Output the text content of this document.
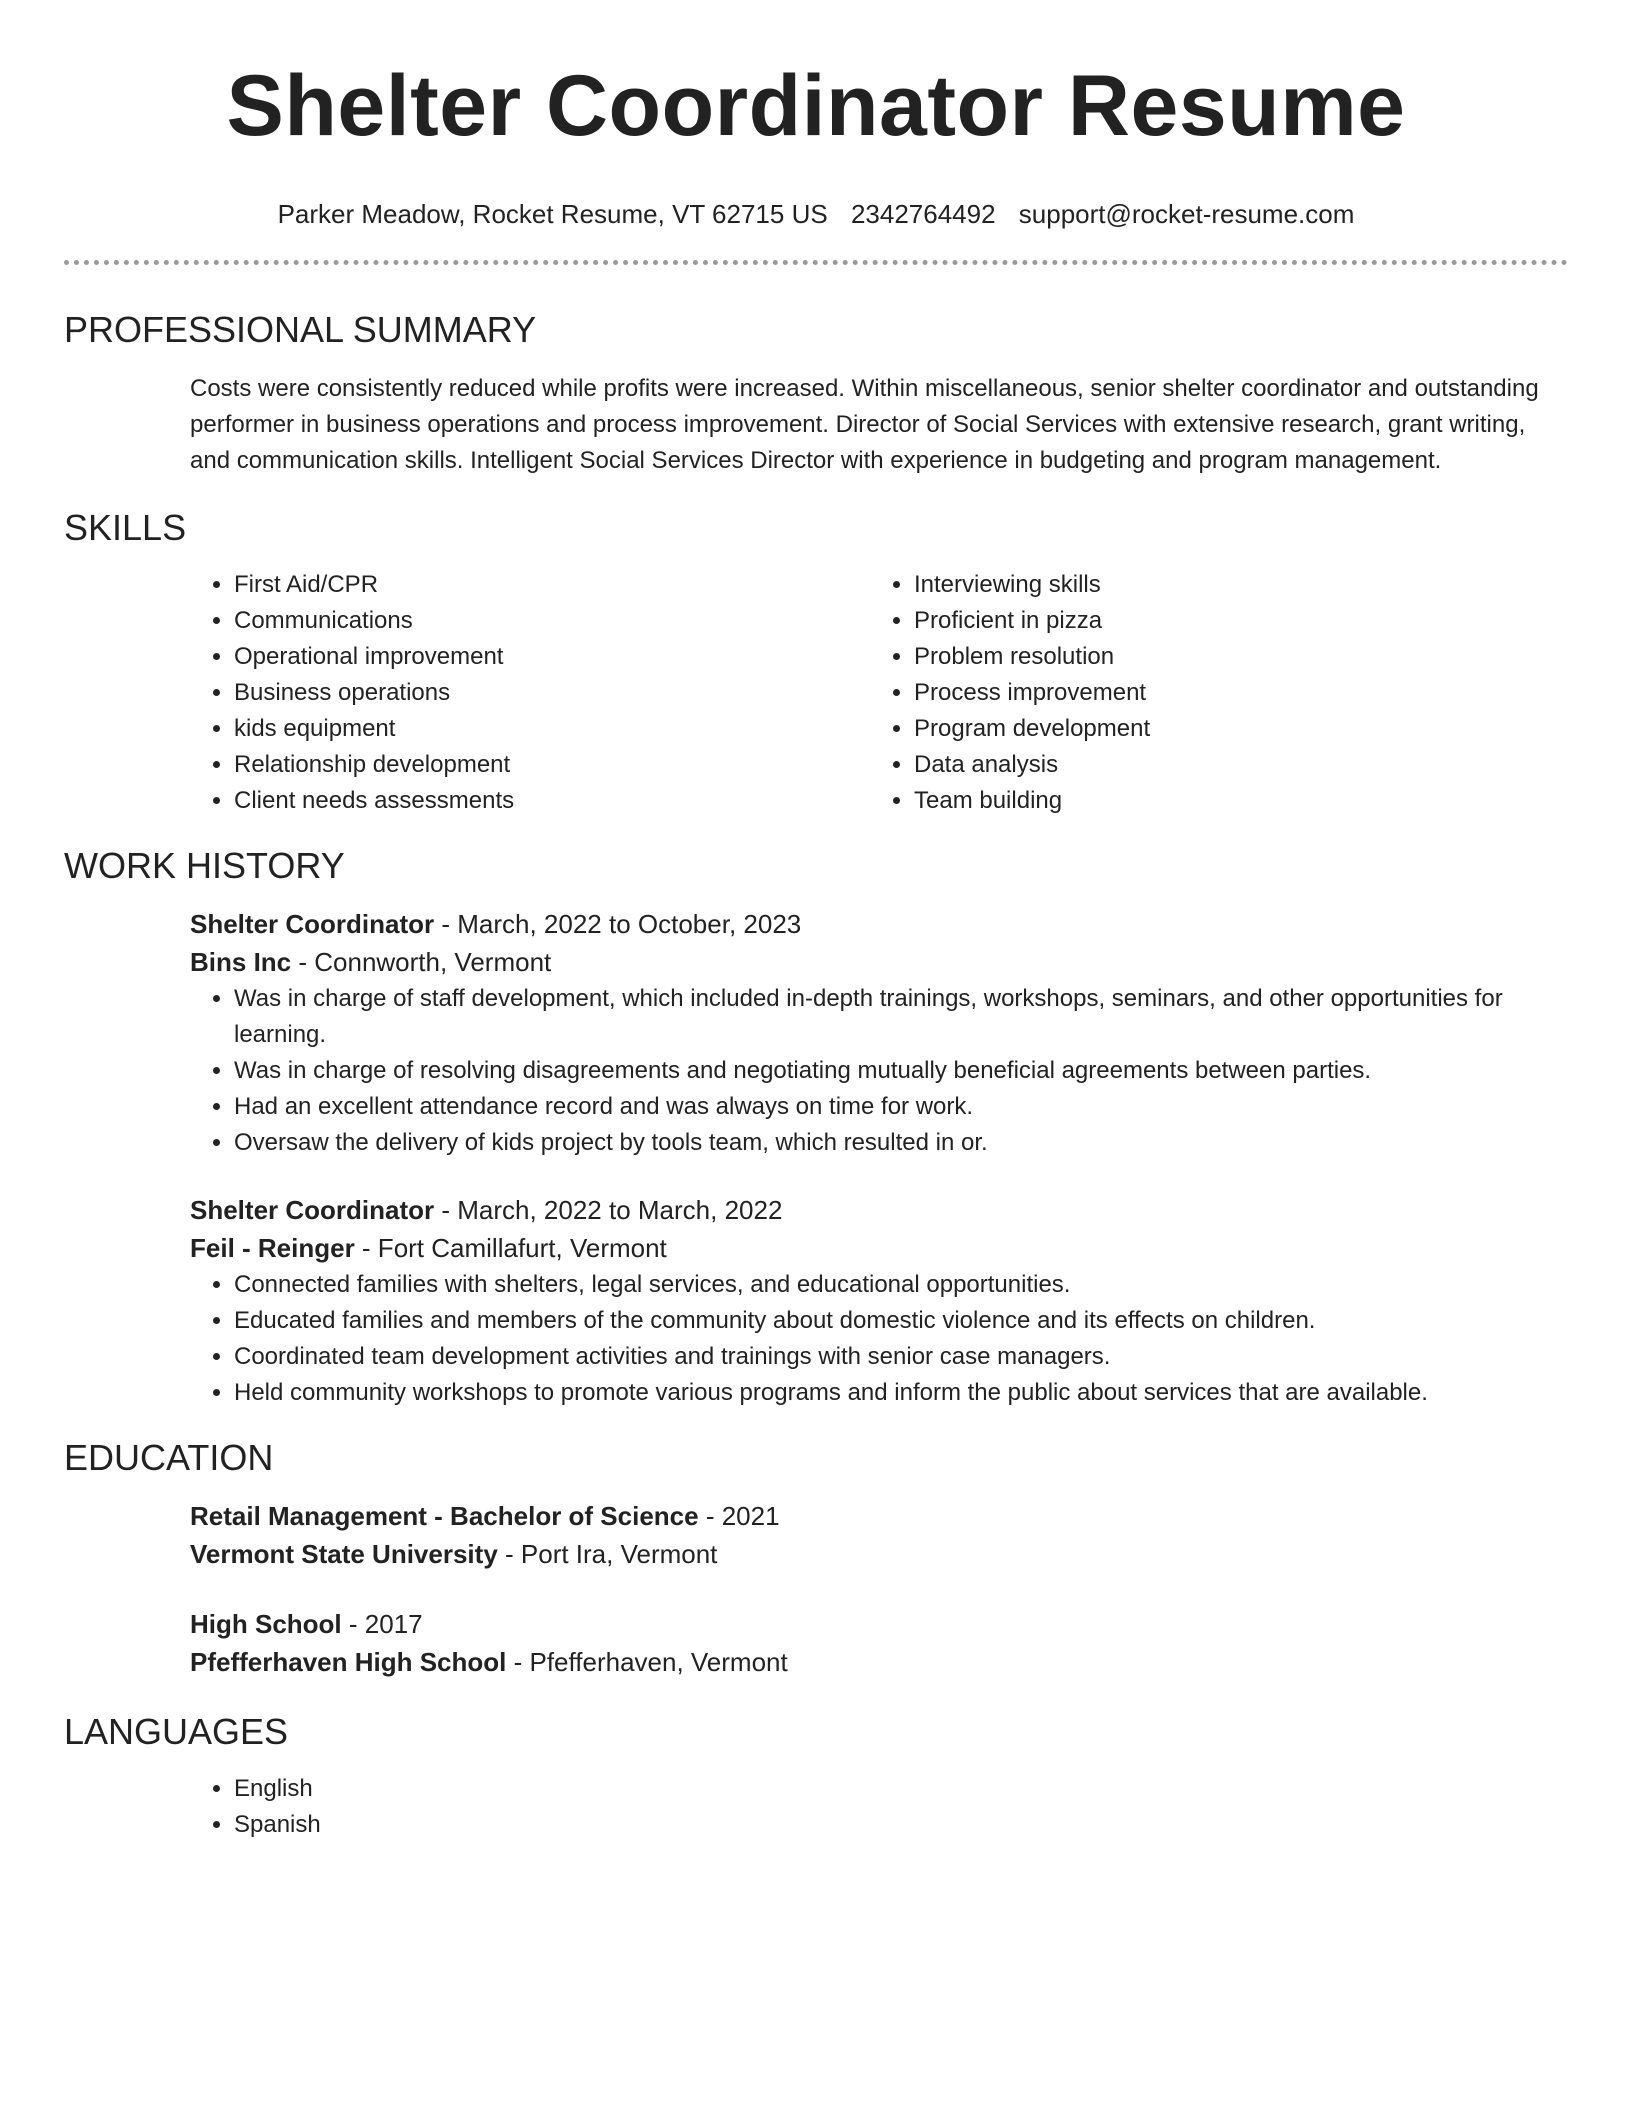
Shelter Coordinator Resume
Parker Meadow, Rocket Resume, VT 62715 US 2342764492 support@rocket-resume.com
PROFESSIONAL SUMMARY

Costs were consistently reduced while profits were increased. Within miscellaneous, senior shelter coordinator and outstanding performer in business operations and process improvement. Director of Social Services with extensive research, grant writing, and communication skills. Intelligent Social Services Director with experience in budgeting and program management.

SKILLS
• First Aid/CPR
• Communications
• Operational improvement
• Business operations
• kids equipment
• Relationship development
• Client needs assessments
• Interviewing skills
• Proficient in pizza
• Problem resolution
• Process improvement
• Program development
• Data analysis
• Team building
WORK HISTORY
Shelter Coordinator - March, 2022 to October, 2023
Bins Inc - Connworth, Vermont
• Was in charge of staff development, which included in-depth trainings, workshops, seminars, and other opportunities for learning.
• Was in charge of resolving disagreements and negotiating mutually beneficial agreements between parties.
• Had an excellent attendance record and was always on time for work.
• Oversaw the delivery of kids project by tools team, which resulted in or.
Shelter Coordinator - March, 2022 to March, 2022
Feil - Reinger - Fort Camillafurt, Vermont
• Connected families with shelters, legal services, and educational opportunities.
• Educated families and members of the community about domestic violence and its effects on children.
• Coordinated team development activities and trainings with senior case managers.
• Held community workshops to promote various programs and inform the public about services that are available.
EDUCATION
Retail Management - Bachelor of Science - 2021
Vermont State University - Port Ira, Vermont
High School - 2017
Pfefferhaven High School - Pfefferhaven, Vermont
LANGUAGES
• English
• Spanish
